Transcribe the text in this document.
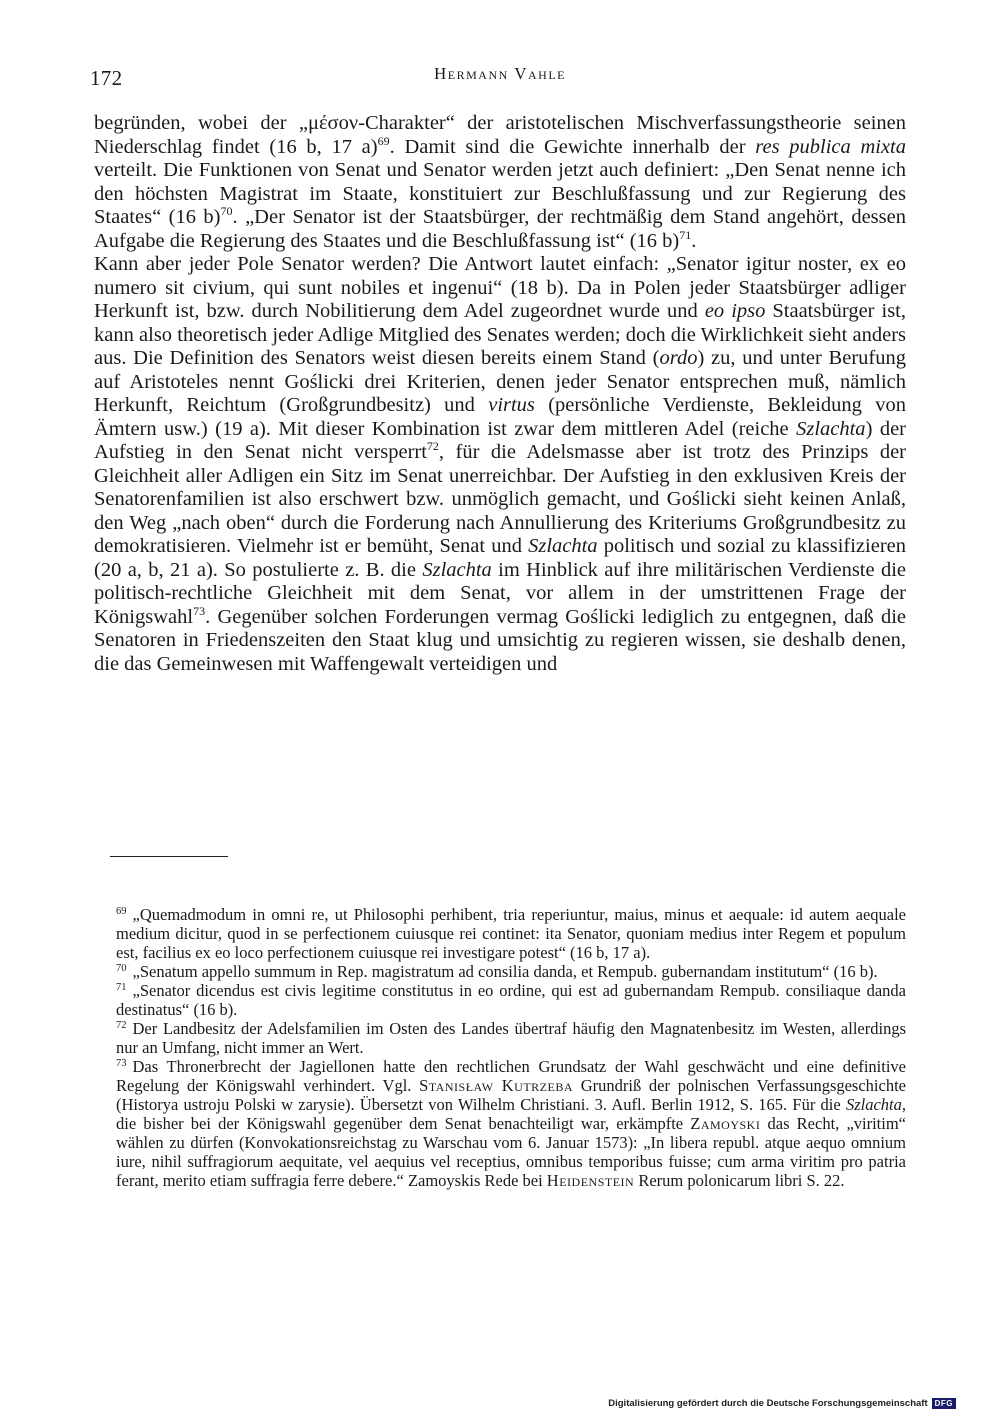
172	Hermann Vahle

begründen, wobei der „μέσον-Charakter“ der aristotelischen Mischverfassungstheorie seinen Niederschlag findet (16 b, 17 a)$^{69}$. Damit sind die Gewichte innerhalb der res publica mixta verteilt. Die Funktionen von Senat und Senator werden jetzt auch definiert: „Den Senat nenne ich den höchsten Magistrat im Staate, konstituiert zur Beschlußfassung und zur Regierung des Staates“ (16 b)$^{70}$. „Der Senator ist der Staatsbürger, der rechtmäßig dem Stand angehört, dessen Aufgabe die Regierung des Staates und die Beschlußfassung ist“ (16 b)$^{71}$.

Kann aber jeder Pole Senator werden? Die Antwort lautet einfach: „Senator igitur noster, ex eo numero sit civium, qui sunt nobiles et ingenui“ (18 b). Da in Polen jeder Staatsbürger adliger Herkunft ist, bzw. durch Nobilitierung dem Adel zugeordnet wurde und eo ipso Staatsbürger ist, kann also theoretisch jeder Adlige Mitglied des Senates werden; doch die Wirklichkeit sieht anders aus. Die Definition des Senators weist diesen bereits einem Stand (ordo) zu, und unter Berufung auf Aristoteles nennt Goślicki drei Kriterien, denen jeder Senator entsprechen muß, nämlich Herkunft, Reichtum (Großgrundbesitz) und virtus (persönliche Verdienste, Bekleidung von Ämtern usw.) (19 a). Mit dieser Kombination ist zwar dem mittleren Adel (reiche Szlachta) der Aufstieg in den Senat nicht versperrt$^{72}$, für die Adelsmasse aber ist trotz des Prinzips der Gleichheit aller Adligen ein Sitz im Senat unerreichbar. Der Aufstieg in den exklusiven Kreis der Senatorenfamilien ist also erschwert bzw. unmöglich gemacht, und Goślicki sieht keinen Anlaß, den Weg „nach oben“ durch die Forderung nach Annullierung des Kriteriums Großgrundbesitz zu demokratisieren. Vielmehr ist er bemüht, Senat und Szlachta politisch und sozial zu klassifizieren (20 a, b, 21 a). So postulierte z. B. die Szlachta im Hinblick auf ihre militärischen Verdienste die politisch-rechtliche Gleichheit mit dem Senat, vor allem in der umstrittenen Frage der Königswahl$^{73}$. Gegenüber solchen Forderungen vermag Goślicki lediglich zu entgegnen, daß die Senatoren in Friedenszeiten den Staat klug und umsichtig zu regieren wissen, sie deshalb denen, die das Gemeinwesen mit Waffengewalt verteidigen und

$^{69}$ „Quemadmodum in omni re, ut Philosophi perhibent, tria reperiuntur, maius, minus et aequale: id autem aequale medium dicitur, quod in se perfectionem cuiusque rei continet: ita Senator, quoniam medius inter Regem et populum est, facilius ex eo loco perfectionem cuiusque rei investigare potest“ (16 b, 17 a).

$^{70}$ „Senatum appello summum in Rep. magistratum ad consilia danda, et Rempub. gubernandam institutum“ (16 b).

$^{71}$ „Senator dicendus est civis legitime constitutus in eo ordine, qui est ad gubernandam Rempub. consiliaque danda destinatus“ (16 b).

$^{72}$ Der Landbesitz der Adelsfamilien im Osten des Landes übertraf häufig den Magnatenbesitz im Westen, allerdings nur an Umfang, nicht immer an Wert.

$^{73}$ Das Thronerbrecht der Jagiellonen hatte den rechtlichen Grundsatz der Wahl geschwächt und eine definitive Regelung der Königswahl verhindert. Vgl. Stanisław Kutrzeba Grundriß der polnischen Verfassungsgeschichte (Historya ustroju Polski w zarysie). Übersetzt von Wilhelm Christiani. 3. Aufl. Berlin 1912, S. 165. Für die Szlachta, die bisher bei der Königswahl gegenüber dem Senat benachteiligt war, erkämpfte Zamoyski das Recht, „viritim“ wählen zu dürfen (Konvokationsreichstag zu Warschau vom 6. Januar 1573): „In libera republ. atque aequo omnium iure, nihil suffragiorum aequitate, vel aequius vel receptius, omnibus temporibus fuisse; cum arma viritim pro patria ferant, merito etiam suffragia ferre debere.“ Zamoyskis Rede bei Heidenstein Rerum polonicarum libri S. 22.

Digitalisierung gefördert durch die Deutsche Forschungsgemeinschaft DFG
